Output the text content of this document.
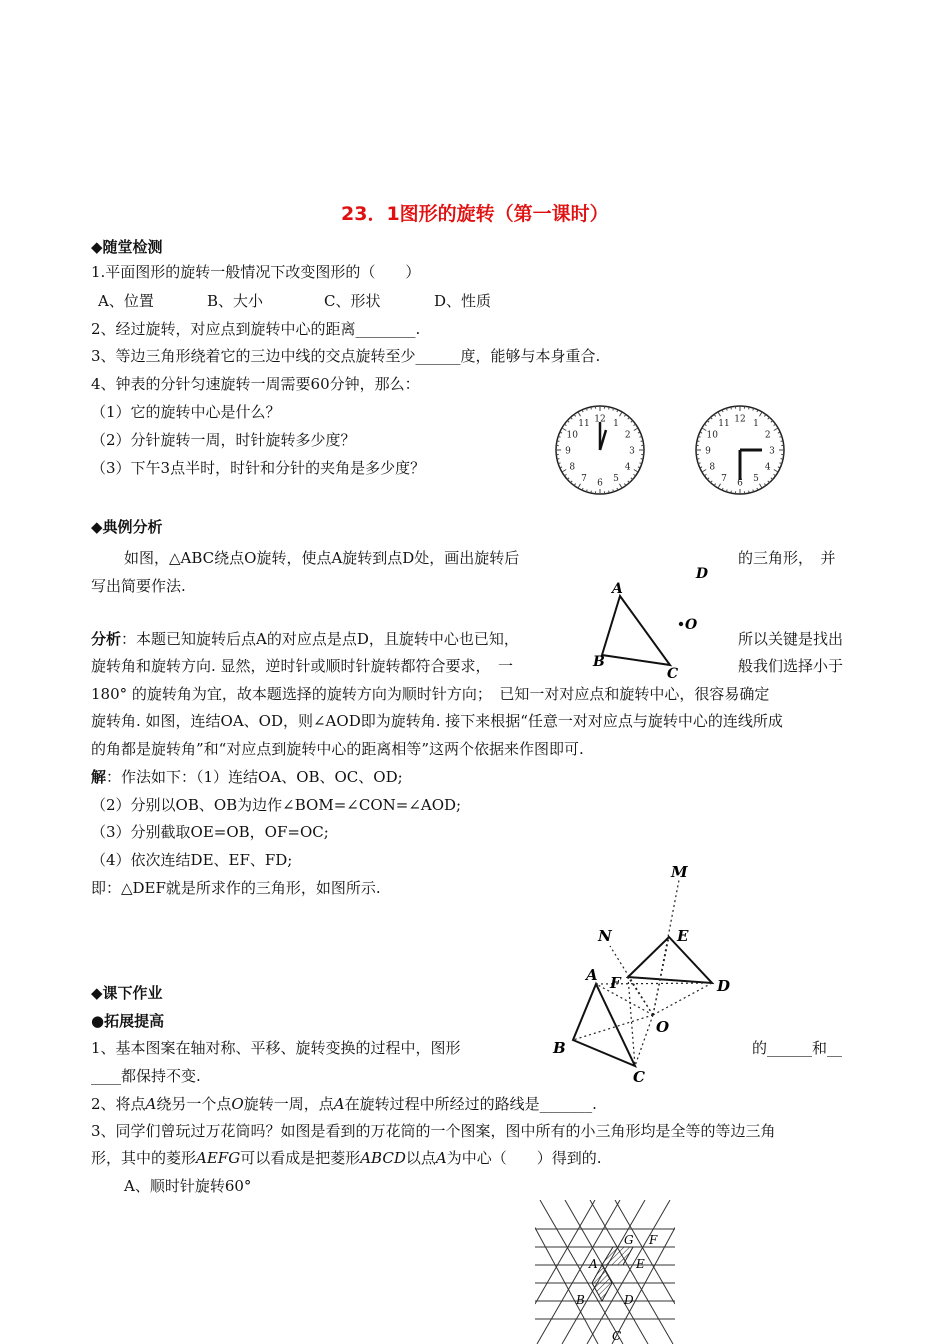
23．1图形的旋转（第一课时）
◆随堂检测
1.平面图形的旋转一般情况下改变图形的（　　）
A、位置	B、大小	C、形状	D、性质
2、经过旋转，对应点到旋转中心的距离________.
3、等边三角形绕着它的三边中线的交点旋转至少______度，能够与本身重合.
4、钟表的分针匀速旋转一周需要60分钟，那么：
（1）它的旋转中心是什么？
（2）分针旋转一周，时针旋转多少度？
（3）下午3点半时，时针和分针的夹角是多少度？
12 1
2
3
4
5
6
7
8
9
10
11	12 1
2
3
4
5
6
7
8
9
10
11
◆典例分析
如图，△ABC绕点O旋转，使点A旋转到点D处，画出旋转后	的三角形，　并
写出简要作法.	A
B
C
D
O
分析：本题已知旋转后点A的对应点是点D，且旋转中心也已知，	所以关键是找出
旋转角和旋转方向. 显然，逆时针或顺时针旋转都符合要求，　一	般我们选择小于
180° 的旋转角为宜，故本题选择的旋转方向为顺时针方向；　已知一对对应点和旋转中心，很容易确定
旋转角. 如图，连结OA、OD，则∠AOD即为旋转角. 接下来根据“任意一对对应点与旋转中心的连线所成
的角都是旋转角”和“对应点到旋转中心的距离相等”这两个依据来作图即可.
解：作法如下：（1）连结OA、OB、OC、OD;
（2）分别以OB、OB为边作∠BOM=∠CON=∠AOD;
（3）分别截取OE=OB，OF=OC;
（4）依次连结DE、EF、FD;
即：△DEF就是所求作的三角形，如图所示.
M
N	E
A F	D
O
B
C
◆课下作业
●拓展提高
1、基本图案在轴对称、平移、旋转变换的过程中，图形	的______和__
____都保持不变.
2、将点A绕另一个点O旋转一周，点A在旋转过程中所经过的路线是_______.
3、同学们曾玩过万花筒吗？如图是看到的万花筒的一个图案，图中所有的小三角形均是全等的等边三角
形，其中的菱形AEFG可以看成是把菱形ABCD以点A为中心（　　）得到的.
A、顺时针旋转60°
G F
A	E
B	D
C
